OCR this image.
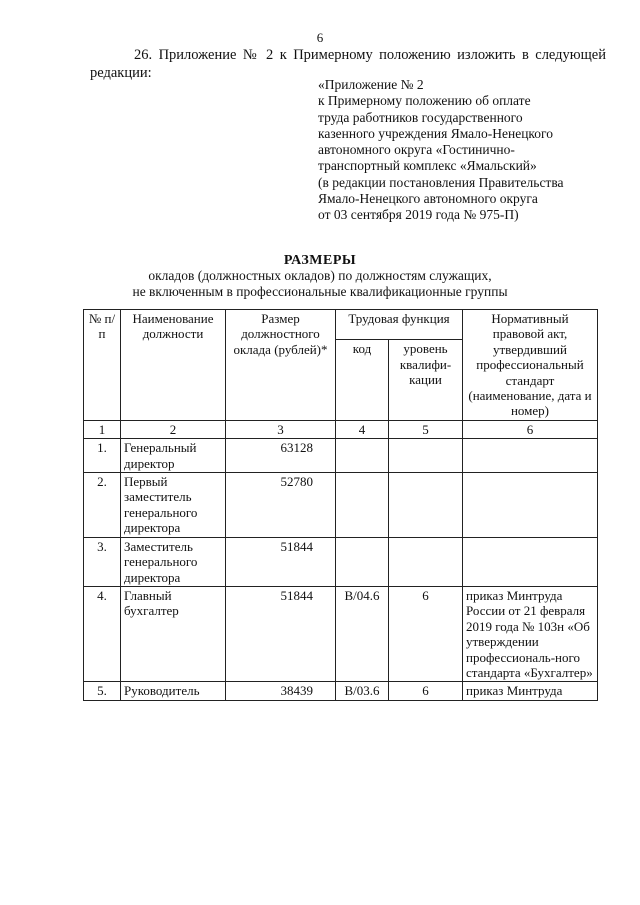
6
26. Приложение № 2 к Примерному положению изложить в следующей
редакции:
«Приложение № 2
к Примерному положению об оплате
труда работников государственного
казенного учреждения Ямало-Ненецкого
автономного округа «Гостинично-
транспортный комплекс «Ямальский»
(в редакции постановления Правительства
Ямало-Ненецкого автономного округа
от 03 сентября 2019 года № 975-П)
РАЗМЕРЫ
окладов (должностных окладов) по должностям служащих,
не включенным в профессиональные квалификационные группы
№ п/п	Наименование должности	Размер должностного оклада (рублей)*	Трудовая функция		Нормативный правовой акт, утвердивший профессиональный стандарт (наименование, дата и номер)
			код	уровень квалифи-кации	
1	2	3	4	5	6
1.	Генеральный директор	63128			
2.	Первый заместитель генерального директора	52780			
3.	Заместитель генерального директора	51844			
4.	Главный бухгалтер	51844	B/04.6	6	приказ Минтруда России от 21 февраля 2019 года № 103н «Об утверждении профессиональ-ного стандарта «Бухгалтер»
5.	Руководитель	38439	B/03.6	6	приказ Минтруда
